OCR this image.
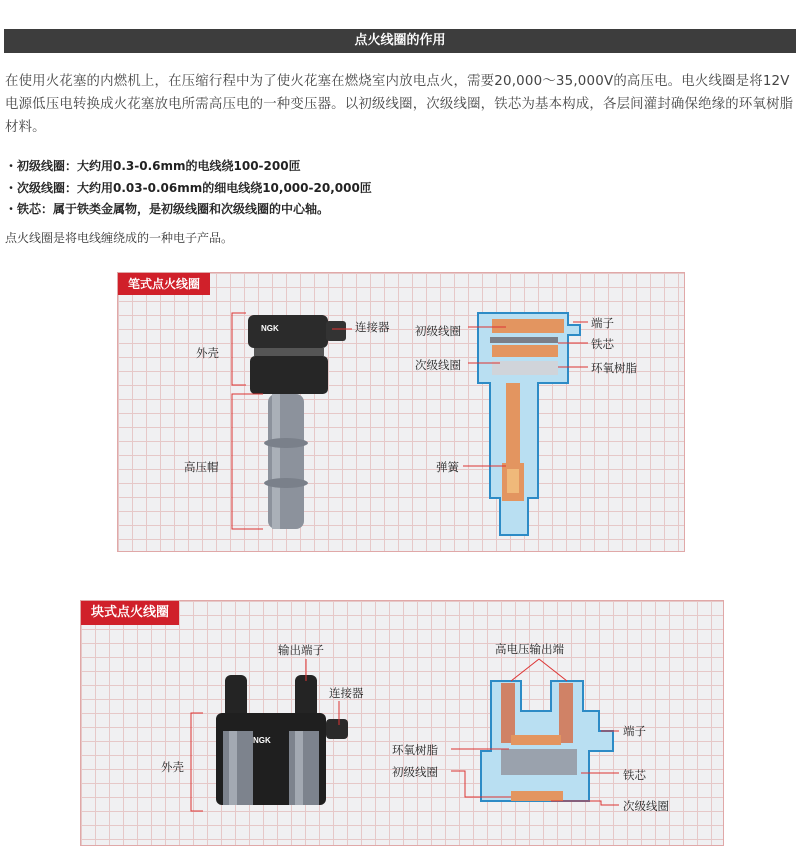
点火线圈的作用
在使用火花塞的内燃机上，在压缩行程中为了使火花塞在燃烧室内放电点火，需要20,000～35,000V的高压电。电火线圈是将12V电源低压电转换成火花塞放电所需高压电的一种变压器。以初级线圈，次级线圈，铁芯为基本构成，各层间灌封确保绝缘的环氧树脂材料。
・初级线圈：大约用0.3-0.6mm的电线绕100-200匝
・次级线圈：大约用0.03-0.06mm的细电线绕10,000-20,000匝
・铁芯：属于铁类金属物，是初级线圈和次级线圈的中心轴。
点火线圈是将电线缠绕成的一种电子产品。
笔式点火线圈
NGK	连接器
外壳
高压帽
初级线圈
次级线圈
端子
铁芯
环氧树脂
弹簧
块式点火线圈
NGK
输出端子
连接器
外壳
高电压输出端
端子
环氧树脂
初级线圈	铁芯
次级线圈
